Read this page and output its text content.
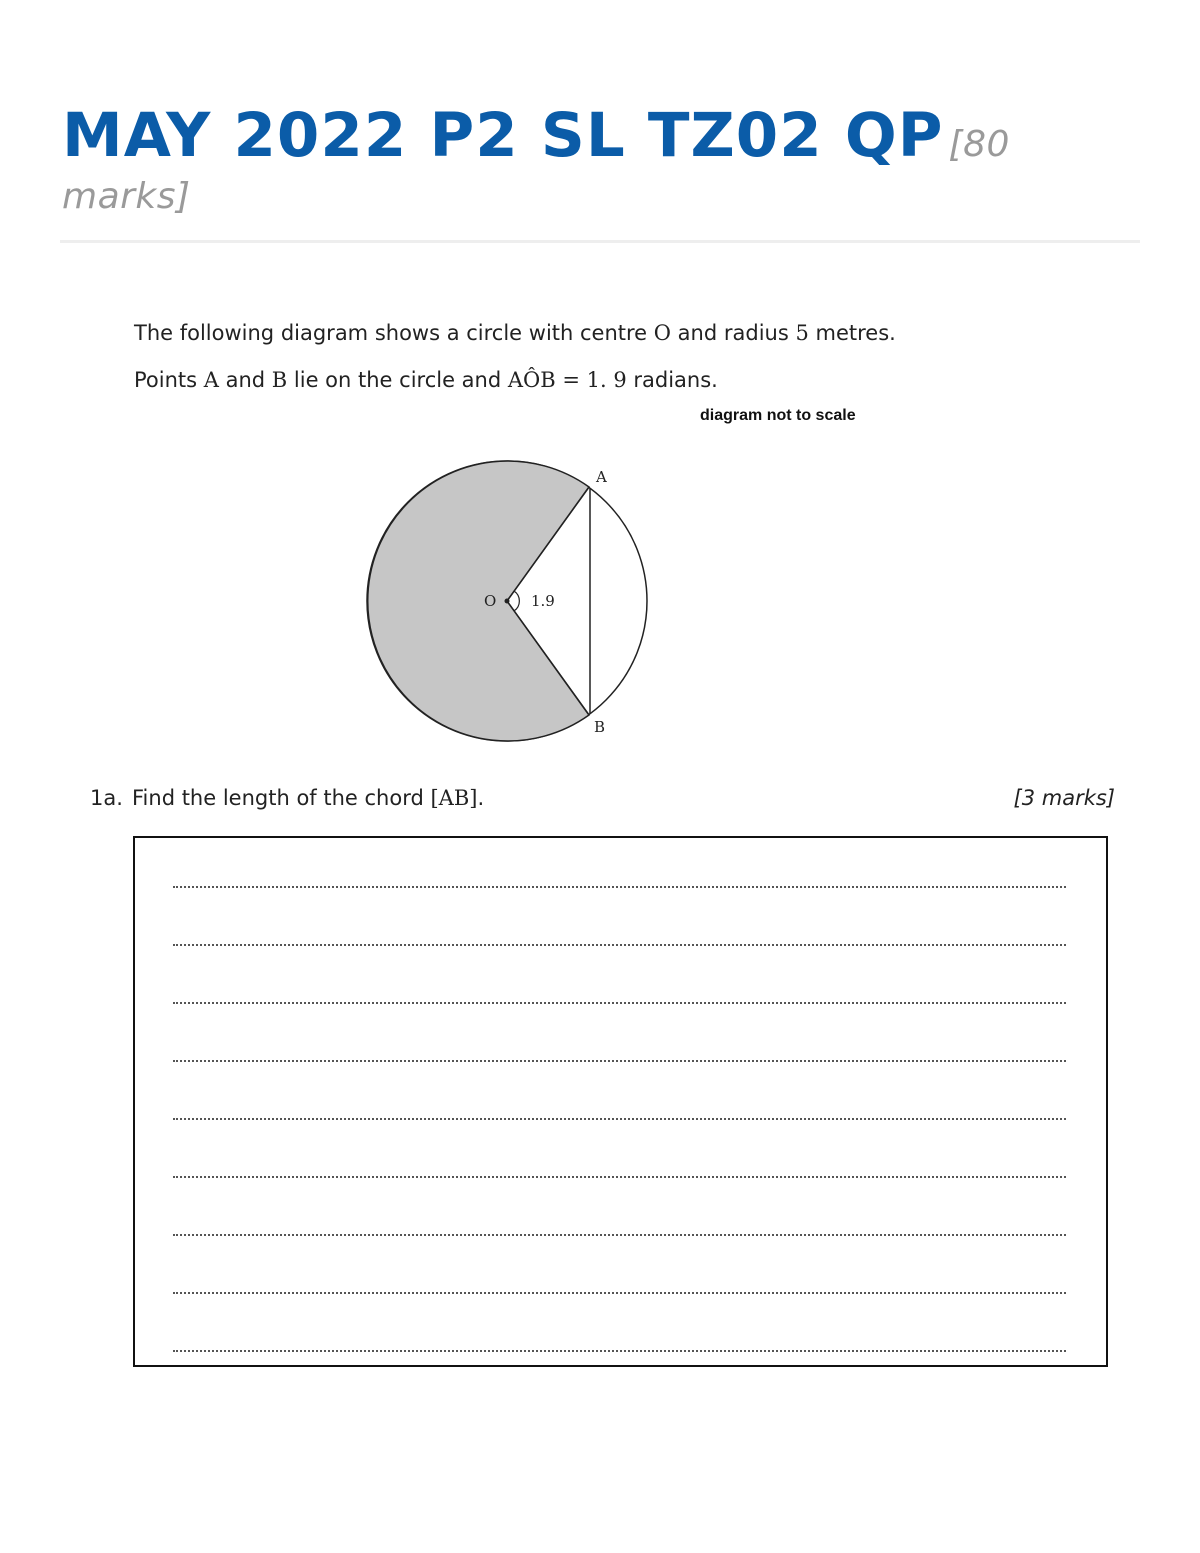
MAY 2022 P2 SL TZ02 QP [80
marks]
The following diagram shows a circle with centre O and radius 5 metres.
Points A and B lie on the circle and AÔB = 1. 9 radians.
diagram not to scale
A
B
O 1.9
1a. Find the length of the chord [AB].	[3 marks]
